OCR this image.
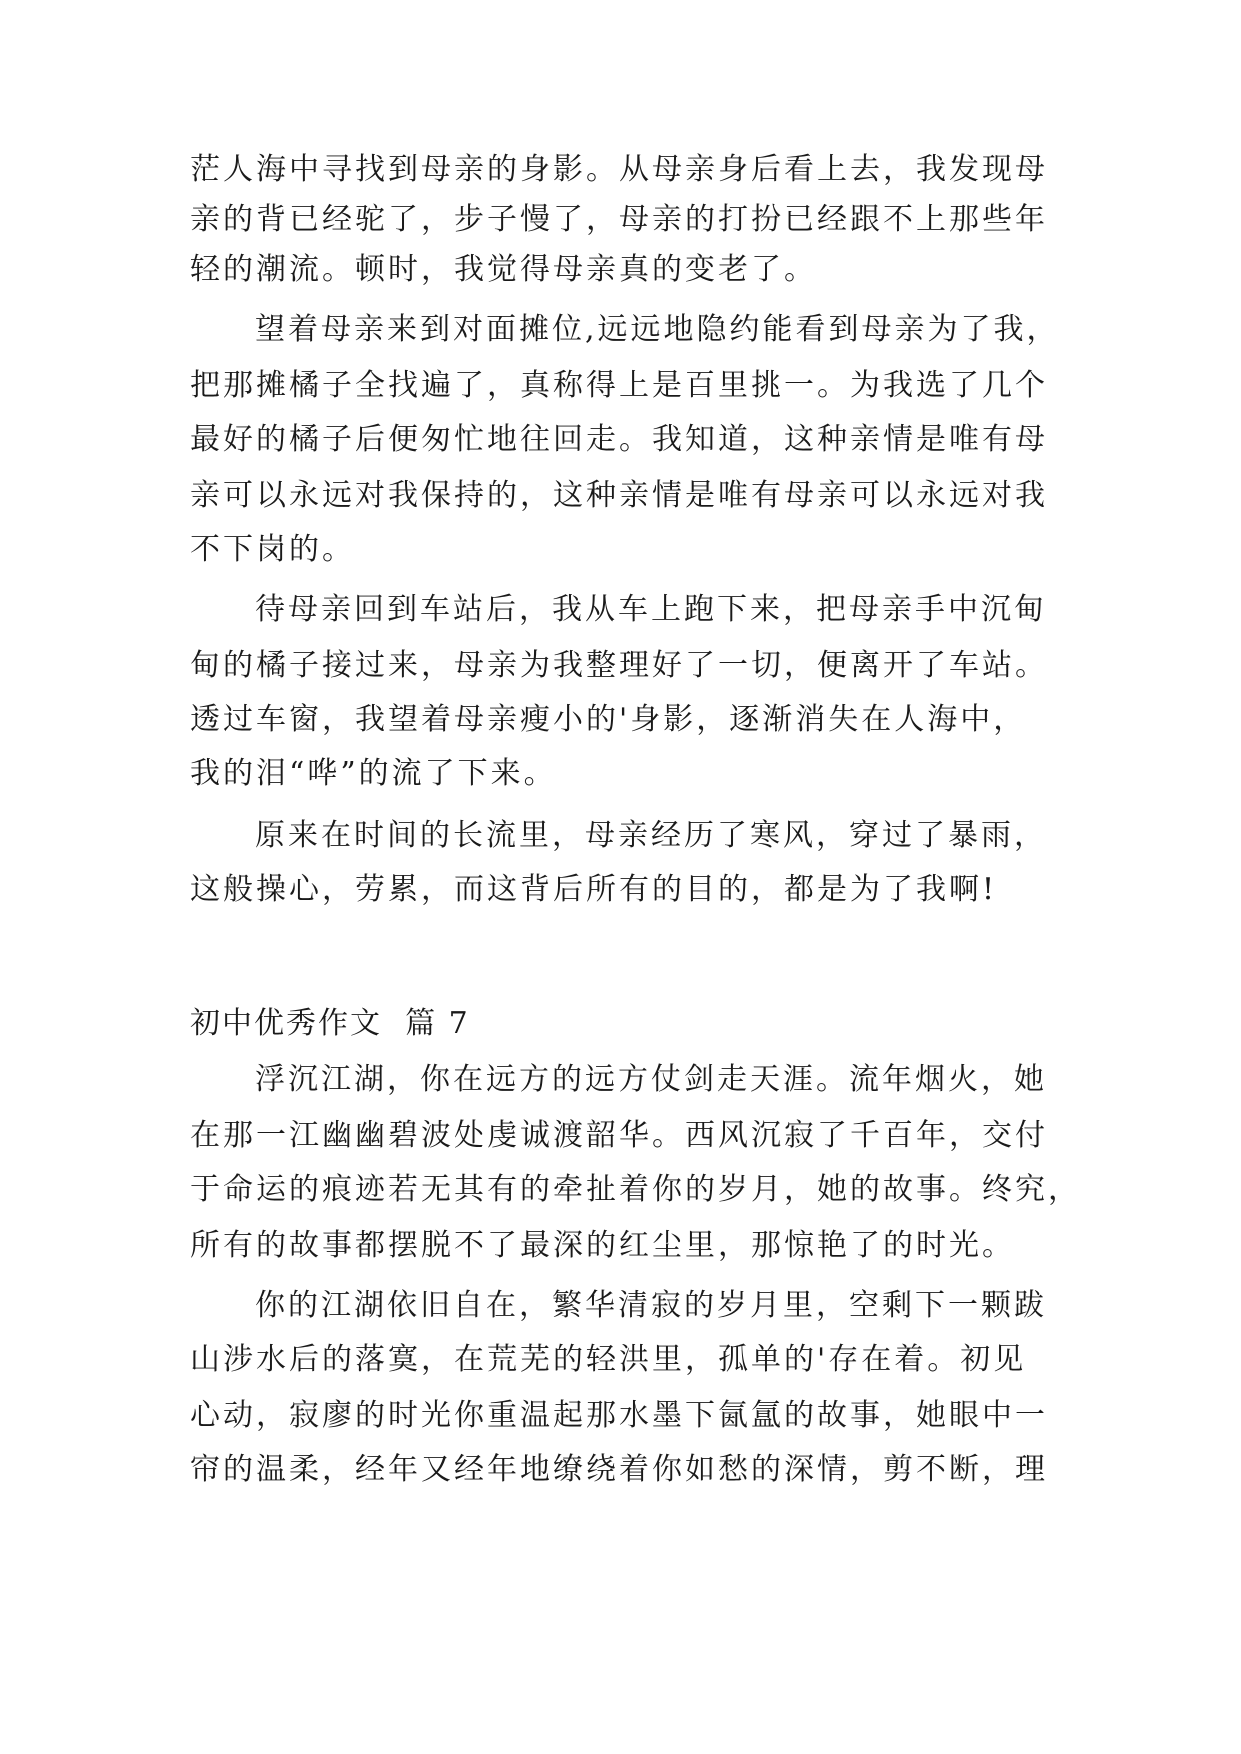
茫人海中寻找到母亲的身影。从母亲身后看上去，我发现母
亲的背已经驼了，步子慢了，母亲的打扮已经跟不上那些年
轻的潮流。顿时，我觉得母亲真的变老了。
望着母亲来到对面摊位,远远地隐约能看到母亲为了我，
把那摊橘子全找遍了，真称得上是百里挑一。为我选了几个
最好的橘子后便匆忙地往回走。我知道，这种亲情是唯有母
亲可以永远对我保持的，这种亲情是唯有母亲可以永远对我
不下岗的。
待母亲回到车站后，我从车上跑下来，把母亲手中沉甸
甸的橘子接过来，母亲为我整理好了一切，便离开了车站。
透过车窗，我望着母亲瘦小的'身影，逐渐消失在人海中，
我的泪“哗”的流了下来。
原来在时间的长流里，母亲经历了寒风，穿过了暴雨，
这般操心，劳累，而这背后所有的目的，都是为了我啊!
初中优秀作文  篇 7
浮沉江湖，你在远方的远方仗剑走天涯。流年烟火，她
在那一江幽幽碧波处虔诚渡韶华。西风沉寂了千百年，交付
于命运的痕迹若无其有的牵扯着你的岁月，她的故事。终究，
所有的故事都摆脱不了最深的红尘里，那惊艳了的时光。
你的江湖依旧自在，繁华清寂的岁月里，空剩下一颗跋
山涉水后的落寞，在荒芜的轻洪里，孤单的'存在着。初见
心动，寂廖的时光你重温起那水墨下氤氲的故事，她眼中一
帘的温柔，经年又经年地缭绕着你如愁的深情，剪不断，理
